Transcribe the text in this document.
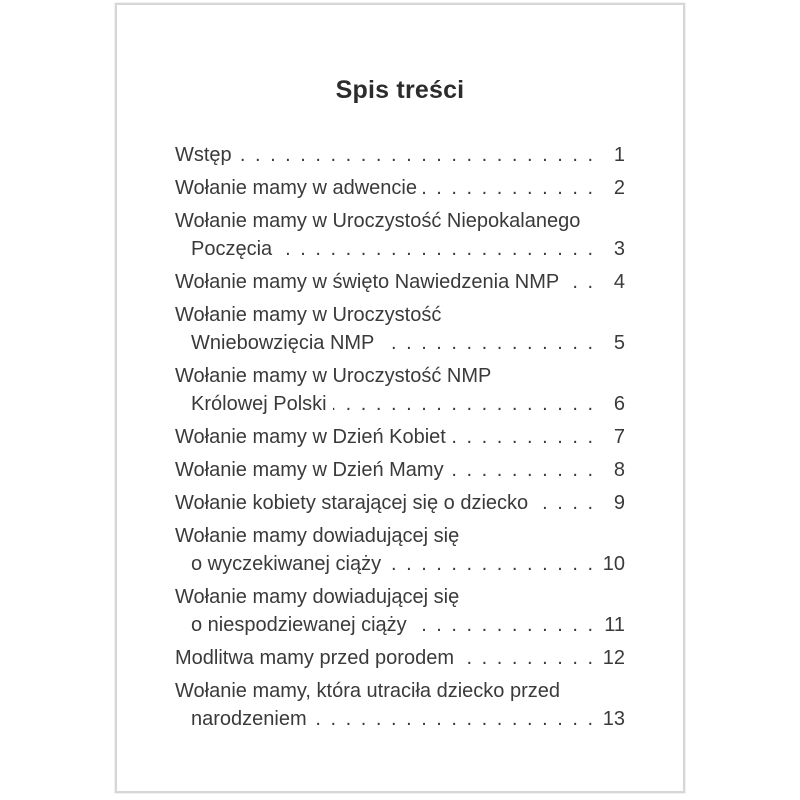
Spis treści
Wstęp . . .	1
Wołanie mamy w adwencie . . .	2
Wołanie mamy w Uroczystość Niepokalanego
Poczęcia . . .	3
Wołanie mamy w święto Nawiedzenia NMP . . .	4
Wołanie mamy w Uroczystość
Wniebowzięcia NMP . . .	5
Wołanie mamy w Uroczystość NMP
Królowej Polski . . .	6
Wołanie mamy w Dzień Kobiet . . .	7
Wołanie mamy w Dzień Mamy . . .	8
Wołanie kobiety starającej się o dziecko . . .	9
Wołanie mamy dowiadującej się
o wyczekiwanej ciąży . . .	10
Wołanie mamy dowiadującej się
o niespodziewanej ciąży . . .	11
Modlitwa mamy przed porodem . . .	12
Wołanie mamy, która utraciła dziecko przed
narodzeniem . . .	13
